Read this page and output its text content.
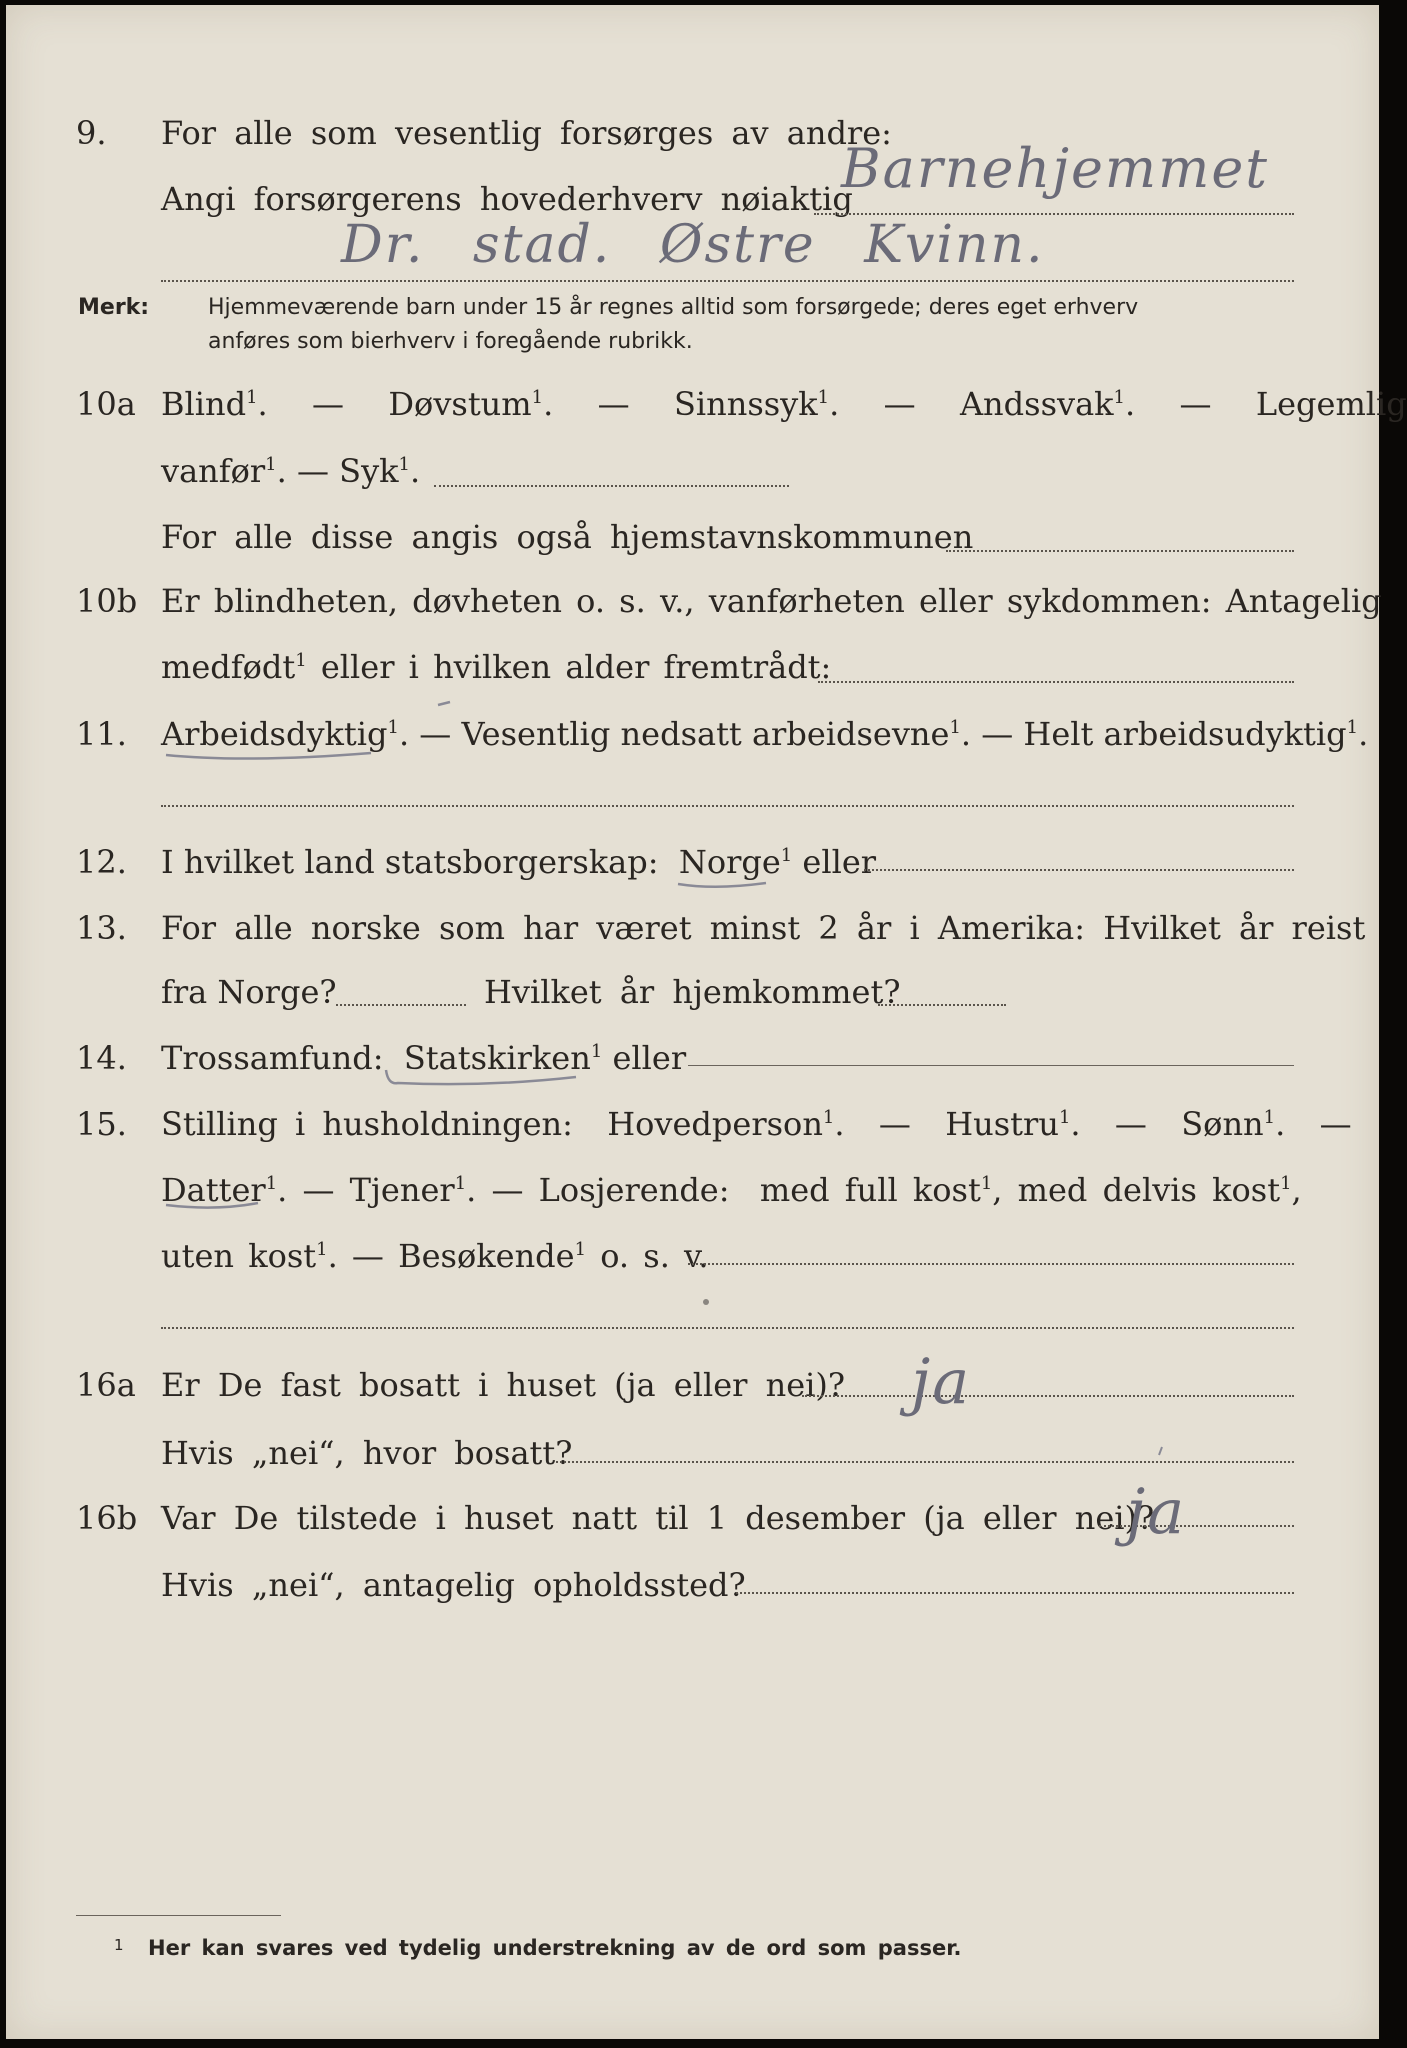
9.	For alle som vesentlig forsørges av andre:
Angi forsørgerens hovederhverv nøiaktig
Barnehjemmet
Dr. stad. Østre Kvinn.
Merk:	Hjemmeværende barn under 15 år regnes alltid som forsørgede; deres eget erhverv
anføres som bierhverv i foregående rubrikk.
10a Blind$^1$.  —  Døvstum$^1$.  —  Sinnssyk$^1$.  —  Andssvak$^1$.  —  Legemlig
vanfør$^1$. — Syk$^1$.
For alle disse angis også hjemstavnskommunen
10b Er blindheten, døvheten o. s. v., vanførheten eller sykdommen: Antagelig
medfødt$^1$ eller i hvilken alder fremtrådt:
11.	Arbeidsdyktig$^1$. — Vesentlig nedsatt arbeidsevne$^1$. — Helt arbeidsudyktig$^1$.
12.	I hvilket land statsborgerskap: Norge$^1$ eller
13.	For alle norske som har været minst 2 år i Amerika: Hvilket år reist
fra Norge?	Hvilket år hjemkommet?
14.	Trossamfund: Statskirken$^1$ eller
15.	Stilling i husholdningen: Hovedperson$^1$.  —  Hustru$^1$.  —  Sønn$^1$.  —
Datter$^1$. — Tjener$^1$. — Losjerende: med full kost$^1$, med delvis kost$^1$,
uten kost$^1$. — Besøkende$^1$ o. s. v.
16a Er De fast bosatt i huset (ja eller nei)? ja
Hvis „nei“, hvor bosatt?
16b Var De tilstede i huset natt til 1 desember (ja eller nei)?
ja
Hvis „nei“, antagelig opholdssted?
1 Her kan svares ved tydelig understrekning av de ord som passer.
